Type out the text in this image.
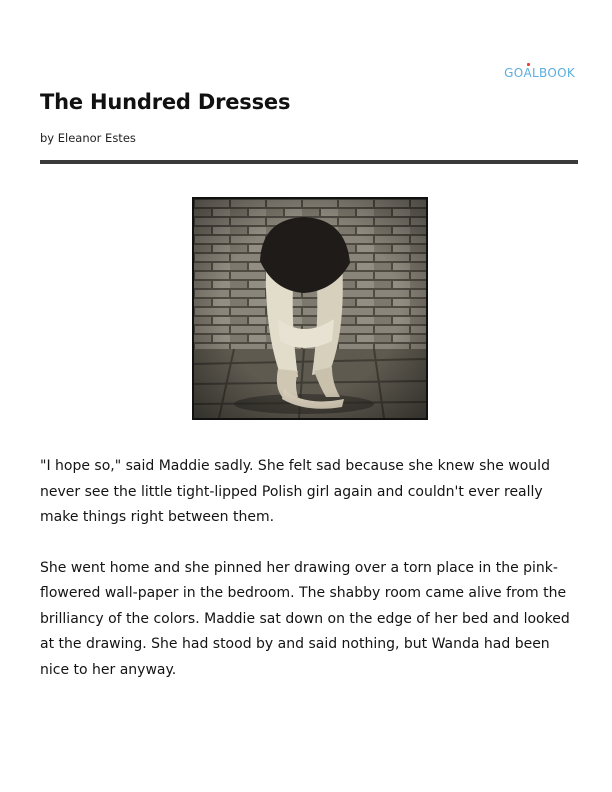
GOALBOOK
The Hundred Dresses
by Eleanor Estes

"I hope so," said Maddie sadly. She felt sad because she knew she would never see the little tight-lipped Polish girl again and couldn't ever really make things right between them.

She went home and she pinned her drawing over a torn place in the pink-flowered wall-paper in the bedroom. The shabby room came alive from the brilliancy of the colors. Maddie sat down on the edge of her bed and looked at the drawing. She had stood by and said nothing, but Wanda had been nice to her anyway.
